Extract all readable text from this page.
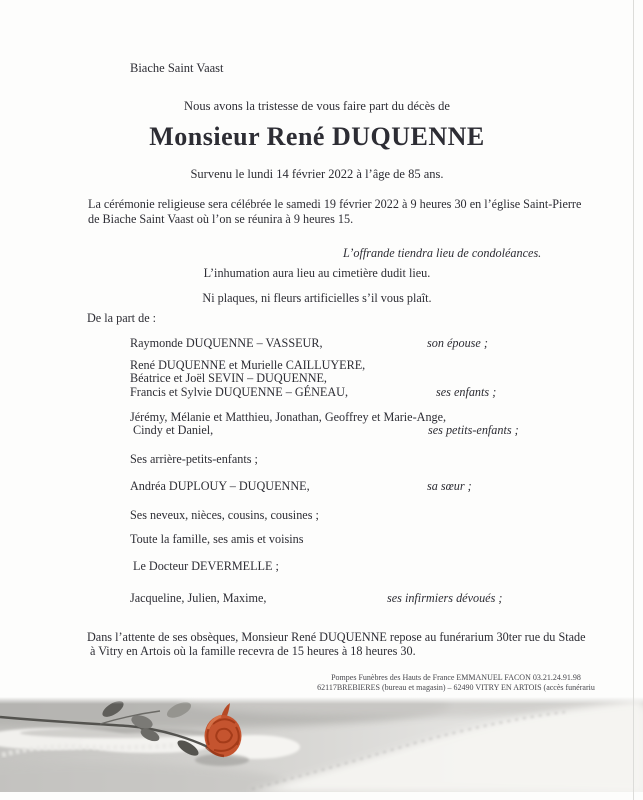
Biache Saint Vaast
Nous avons la tristesse de vous faire part du décès de
Monsieur René DUQUENNE
Survenu le lundi 14 février 2022 à l’âge de 85 ans.
La cérémonie religieuse sera célébrée le samedi 19 février 2022 à 9 heures 30 en l’église Saint-Pierre
de Biache Saint Vaast où l’on se réunira à 9 heures 15.
L’offrande tiendra lieu de condoléances.
L’inhumation aura lieu au cimetière dudit lieu.
Ni plaques, ni fleurs artificielles s’il vous plaît.
De la part de :
Raymonde DUQUENNE – VASSEUR,	son épouse ;
René DUQUENNE et Murielle CAILLUYERE,
Béatrice et Joël SEVIN – DUQUENNE,
Francis et Sylvie DUQUENNE – GÉNEAU,	ses enfants ;
Jérémy, Mélanie et Matthieu, Jonathan, Geoffrey et Marie-Ange,
Cindy et Daniel,	ses petits-enfants ;
Ses arrière-petits-enfants ;
Andréa DUPLOUY – DUQUENNE,	sa sœur ;
Ses neveux, nièces, cousins, cousines ;
Toute la famille, ses amis et voisins
Le Docteur DEVERMELLE ;
Jacqueline, Julien, Maxime,	ses infirmiers dévoués ;
Dans l’attente de ses obsèques, Monsieur René DUQUENNE repose au funérarium 30ter rue du Stade
à Vitry en Artois où la famille recevra de 15 heures à 18 heures 30.
Pompes Funèbres des Hauts de France EMMANUEL FACON 03.21.24.91.98
62117BREBIERES (bureau et magasin) – 62490 VITRY EN ARTOIS (accès funérariu
